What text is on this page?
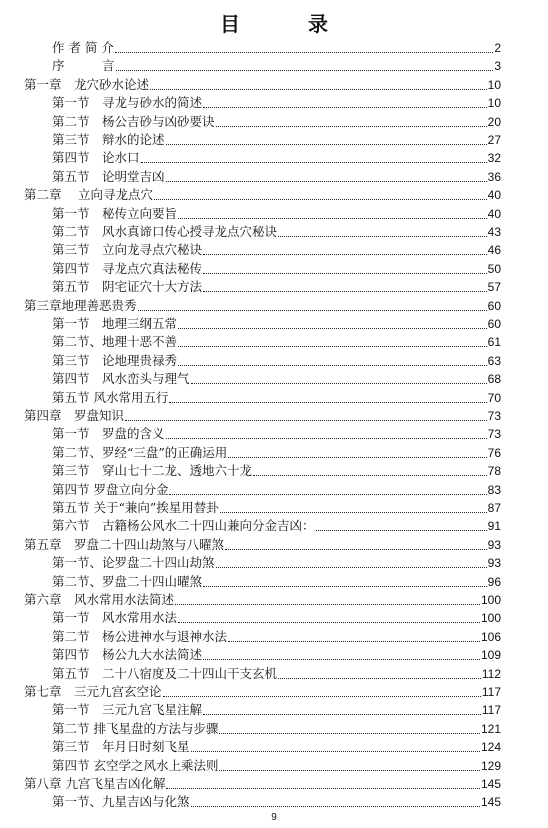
目　录
作 者 简 介	2
序　　　言	3
第一章　龙穴砂水论述	10
第一节　寻龙与砂水的简述	10
第二节　杨公吉砂与凶砂要诀	20
第三节　辩水的论述	27
第四节　论水口	32
第五节　论明堂吉凶	36
第二章　 立向寻龙点穴	40
第一节　秘传立向要旨	40
第二节　风水真谛口传心授寻龙点穴秘诀	43
第三节　立向龙寻点穴秘诀	46
第四节　寻龙点穴真法秘传	50
第五节　阴宅证穴十大方法	57
第三章地理善恶贵秀	60
第一节　地理三纲五常	60
第二节、地理十恶不善	61
第三节　论地理贵禄秀	63
第四节　风水峦头与理气	68
第五节 风水常用五行	70
第四章　罗盘知识	73
第一节　罗盘的含义	73
第二节、罗经“三盘”的正确运用	76
第三节　穿山七十二龙、透地六十龙	78
第四节 罗盘立向分金	83
第五节 关于“兼向”挨星用替卦	87
第六节　古籍杨公风水二十四山兼向分金吉凶：	91
第五章　罗盘二十四山劫煞与八曜煞	93
第一节、论罗盘二十四山劫煞	93
第二节、罗盘二十四山曜煞	96
第六章　风水常用水法简述	100
第一节　风水常用水法	100
第二节　杨公进神水与退神水法	106
第四节　杨公九大水法简述	109
第五节　二十八宿度及二十四山干支玄机	112
第七章　三元九宫玄空论	117
第一节　三元九宫飞星注解	117
第二节 排飞星盘的方法与步骤	121
第三节　年月日时刻飞星	124
第四节 玄空学之风水上乘法则	129
第八章 九宫飞星吉凶化解	145
第一节、九星吉凶与化煞	145
9
